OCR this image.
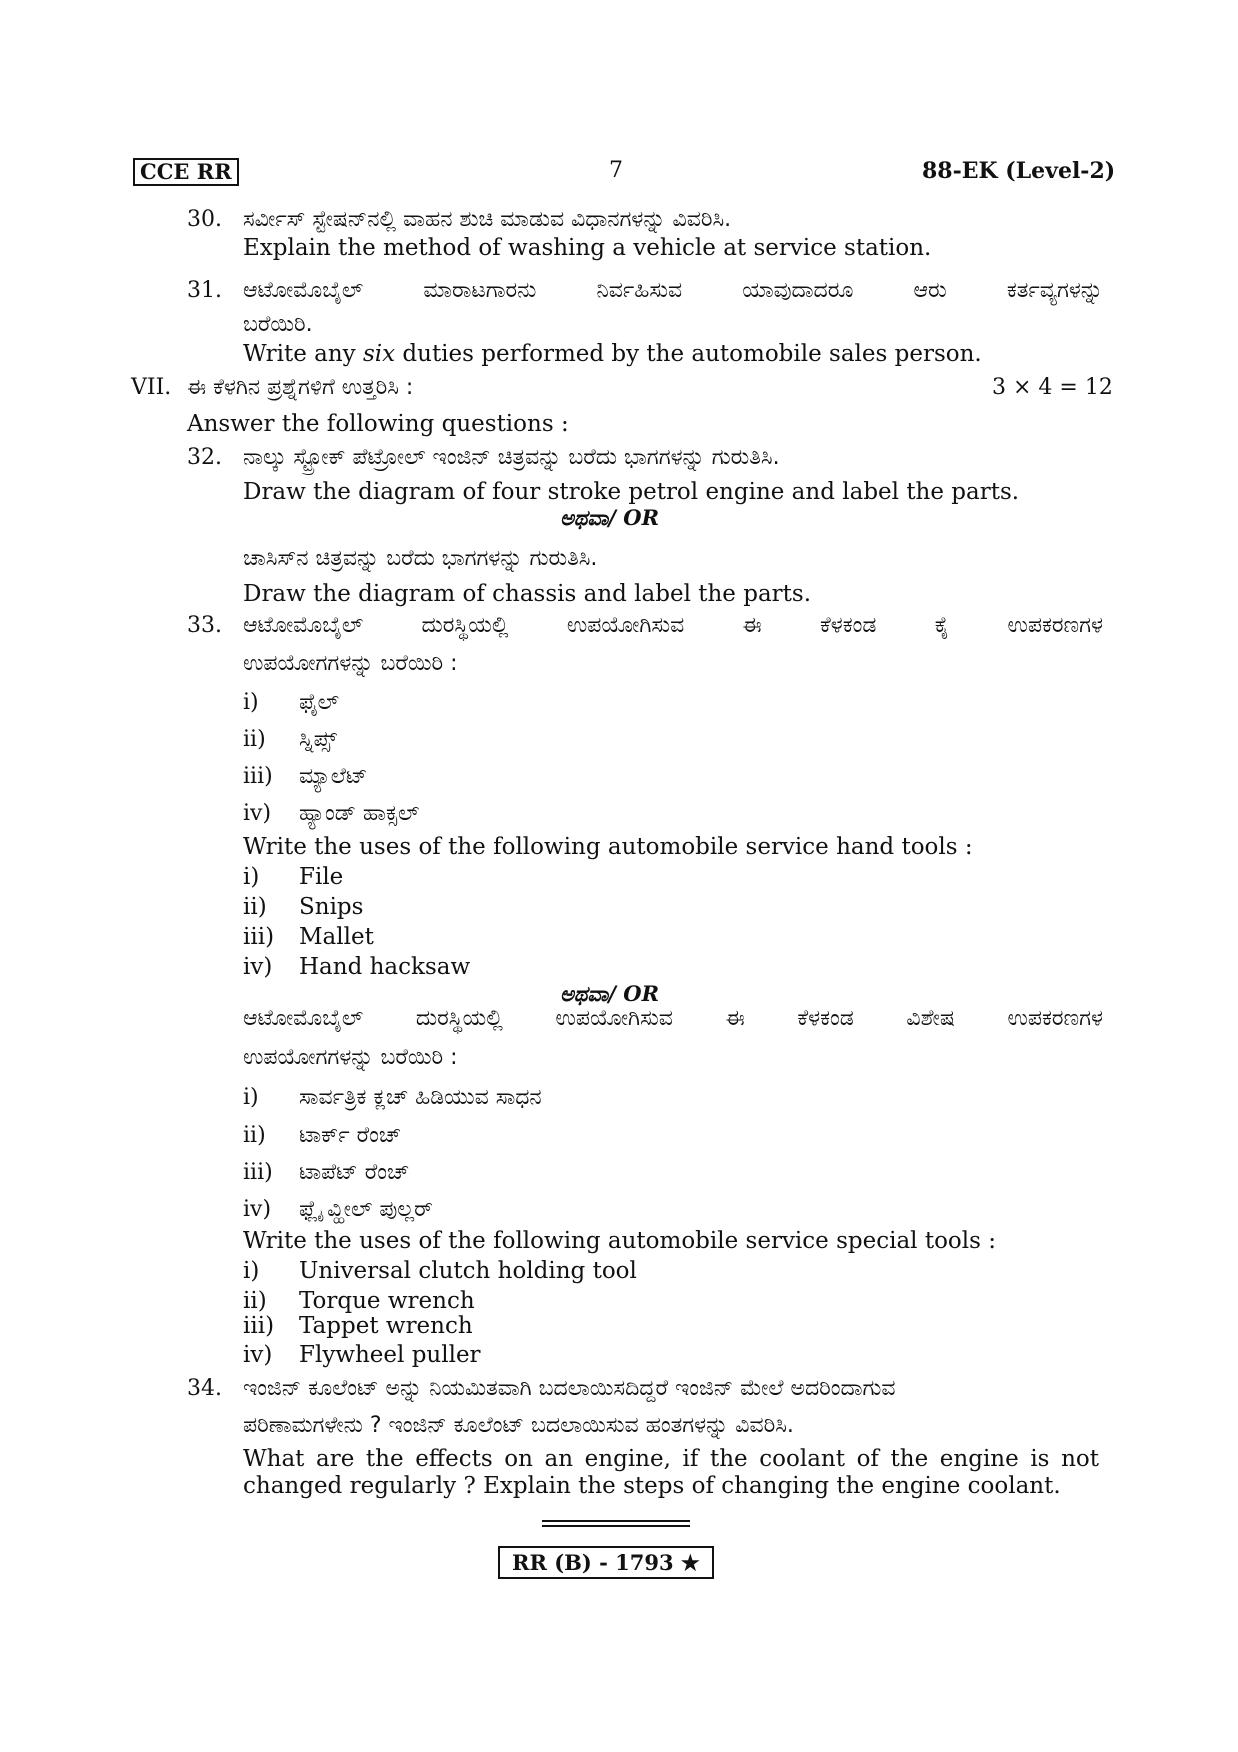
CCE RR	7	88-EK (Level-2)
30. ಸರ್ವೀಸ್ ಸ್ಟೇಷನ್‌ನಲ್ಲಿ ವಾಹನ ಶುಚಿ ಮಾಡುವ ವಿಧಾನಗಳನ್ನು ವಿವರಿಸಿ.
Explain the method of washing a vehicle at service station.
31. ಆಟೋಮೊಬೈಲ್ ಮಾರಾಟಗಾರನು ನಿರ್ವಹಿಸುವ ಯಾವುದಾದರೂ ಆರು ಕರ್ತವ್ಯಗಳನ್ನು
ಬರೆಯಿರಿ.
Write any six duties performed by the automobile sales person.
VII. ಈ ಕೆಳಗಿನ ಪ್ರಶ್ನೆಗಳಿಗೆ ಉತ್ತರಿಸಿ :	3 × 4 = 12
Answer the following questions :
32. ನಾಲ್ಕು ಸ್ಟ್ರೋಕ್ ಪೆಟ್ರೋಲ್ ಇಂಜಿನ್ ಚಿತ್ರವನ್ನು ಬರೆದು ಭಾಗಗಳನ್ನು ಗುರುತಿಸಿ.
Draw the diagram of four stroke petrol engine and label the parts.
ಅಥವಾ/ OR
ಚಾಸಿಸ್‌ನ ಚಿತ್ರವನ್ನು ಬರೆದು ಭಾಗಗಳನ್ನು ಗುರುತಿಸಿ.
Draw the diagram of chassis and label the parts.
33. ಆಟೋಮೊಬೈಲ್ ದುರಸ್ಥಿಯಲ್ಲಿ ಉಪಯೋಗಿಸುವ ಈ ಕೆಳಕಂಡ ಕೈ ಉಪಕರಣಗಳ
ಉಪಯೋಗಗಳನ್ನು ಬರೆಯಿರಿ :
i) ಫೈಲ್
ii) ಸ್ನಿಪ್ಸ್
iii) ಮ್ಯಾಲೆಟ್
iv) ಹ್ಯಾಂಡ್ ಹಾಕ್ಸಲ್
Write the uses of the following automobile service hand tools :
i) File
ii) Snips
iii) Mallet
iv) Hand hacksaw
ಅಥವಾ/ OR
ಆಟೋಮೊಬೈಲ್ ದುರಸ್ಥಿಯಲ್ಲಿ ಉಪಯೋಗಿಸುವ ಈ ಕೆಳಕಂಡ ವಿಶೇಷ ಉಪಕರಣಗಳ
ಉಪಯೋಗಗಳನ್ನು ಬರೆಯಿರಿ :
i) ಸಾರ್ವತ್ರಿಕ ಕ್ಲಚ್ ಹಿಡಿಯುವ ಸಾಧನ
ii) ಟಾರ್ಕ್ ರೆಂಚ್
iii) ಟಾಪೆಟ್ ರೆಂಚ್
iv) ಫ್ಲೈ ವ್ಹೀಲ್ ಪುಲ್ಲರ್
Write the uses of the following automobile service special tools :
i) Universal clutch holding tool
ii) Torque wrench
iii) Tappet wrench
iv) Flywheel puller
34. ಇಂಜಿನ್ ಕೂಲೆಂಟ್ ಅನ್ನು ನಿಯಮಿತವಾಗಿ ಬದಲಾಯಿಸದಿದ್ದರೆ ಇಂಜಿನ್ ಮೇಲೆ ಅದರಿಂದಾಗುವ
ಪರಿಣಾಮಗಳೇನು ? ಇಂಜಿನ್ ಕೂಲೆಂಟ್ ಬದಲಾಯಿಸುವ ಹಂತಗಳನ್ನು ವಿವರಿಸಿ.
What are the effects on an engine, if the coolant of the engine is not
changed regularly ? Explain the steps of changing the engine coolant.
RR (B) - 1793 ★
